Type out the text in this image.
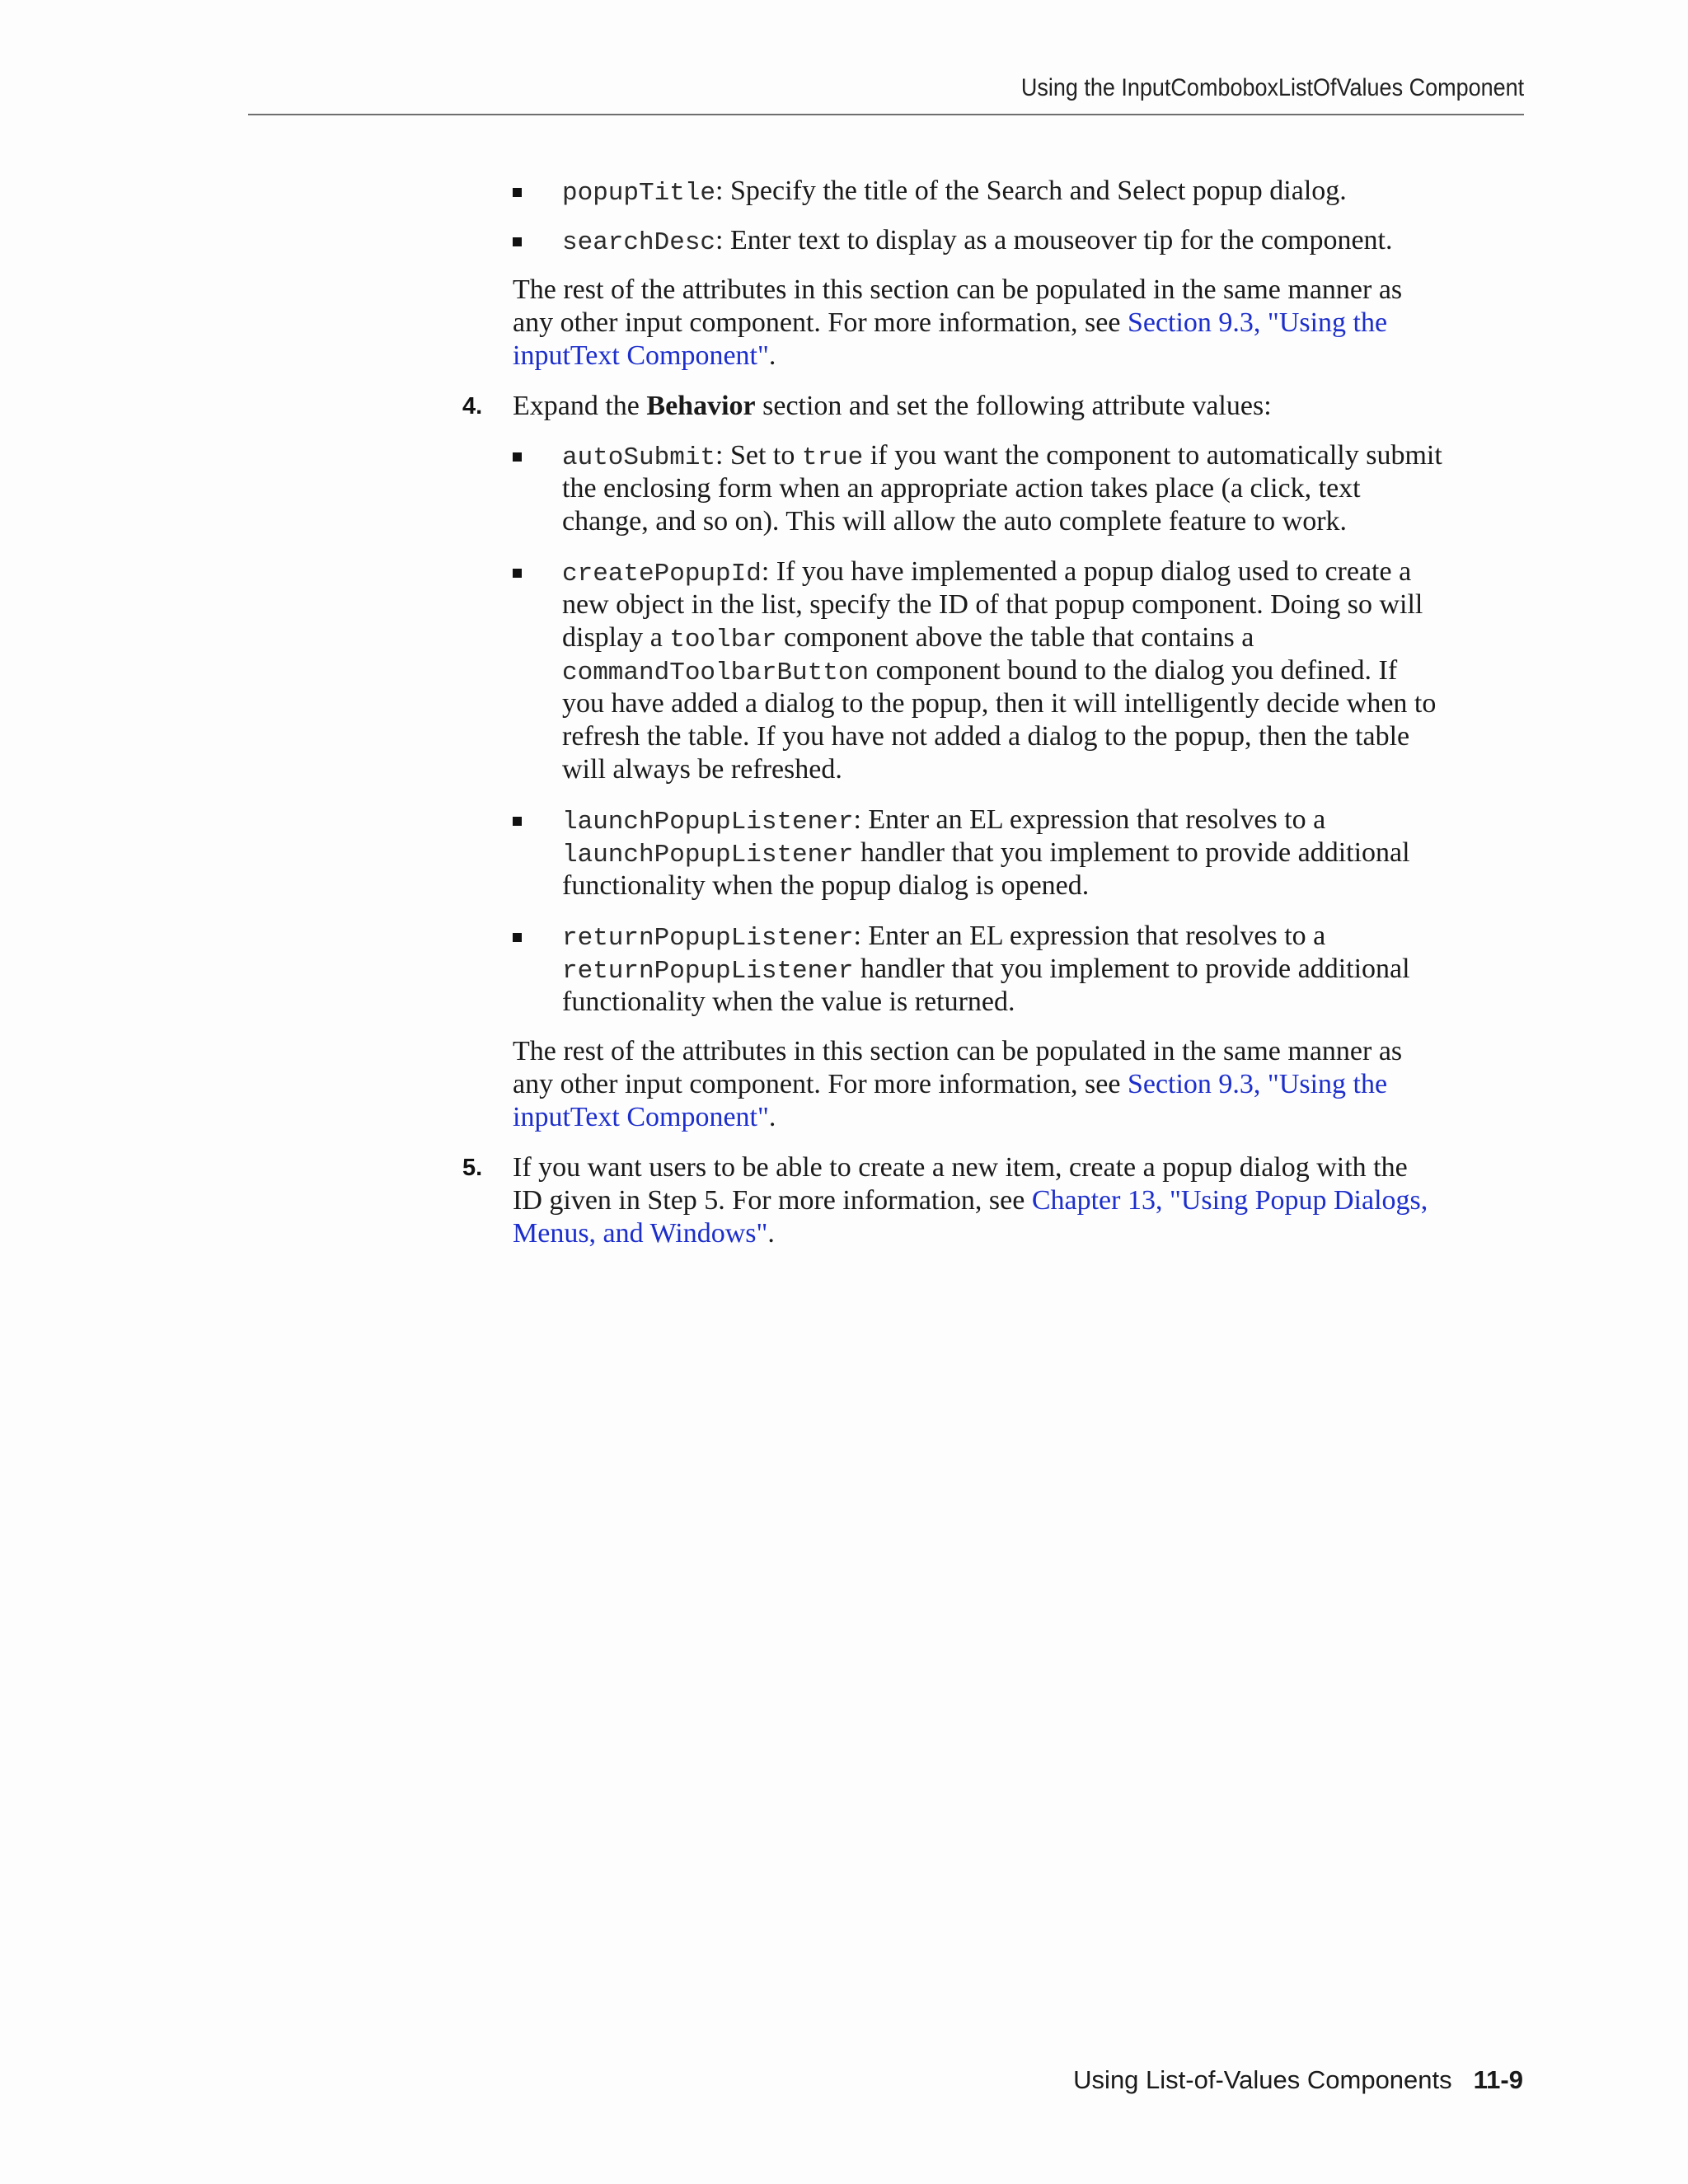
Using the InputComboboxListOfValues Component
popupTitle: Specify the title of the Search and Select popup dialog.
searchDesc: Enter text to display as a mouseover tip for the component.
The rest of the attributes in this section can be populated in the same manner as
any other input component. For more information, see Section 9.3, "Using the
inputText Component".
4. Expand the Behavior section and set the following attribute values:
autoSubmit: Set to true if you want the component to automatically submit
the enclosing form when an appropriate action takes place (a click, text
change, and so on). This will allow the auto complete feature to work.
createPopupId: If you have implemented a popup dialog used to create a
new object in the list, specify the ID of that popup component. Doing so will
display a toolbar component above the table that contains a
commandToolbarButton component bound to the dialog you defined. If
you have added a dialog to the popup, then it will intelligently decide when to
refresh the table. If you have not added a dialog to the popup, then the table
will always be refreshed.
launchPopupListener: Enter an EL expression that resolves to a
launchPopupListener handler that you implement to provide additional
functionality when the popup dialog is opened.
returnPopupListener: Enter an EL expression that resolves to a
returnPopupListener handler that you implement to provide additional
functionality when the value is returned.
The rest of the attributes in this section can be populated in the same manner as
any other input component. For more information, see Section 9.3, "Using the
inputText Component".
5. If you want users to be able to create a new item, create a popup dialog with the
ID given in Step 5. For more information, see Chapter 13, "Using Popup Dialogs,
Menus, and Windows".
Using List-of-Values Components 11-9
